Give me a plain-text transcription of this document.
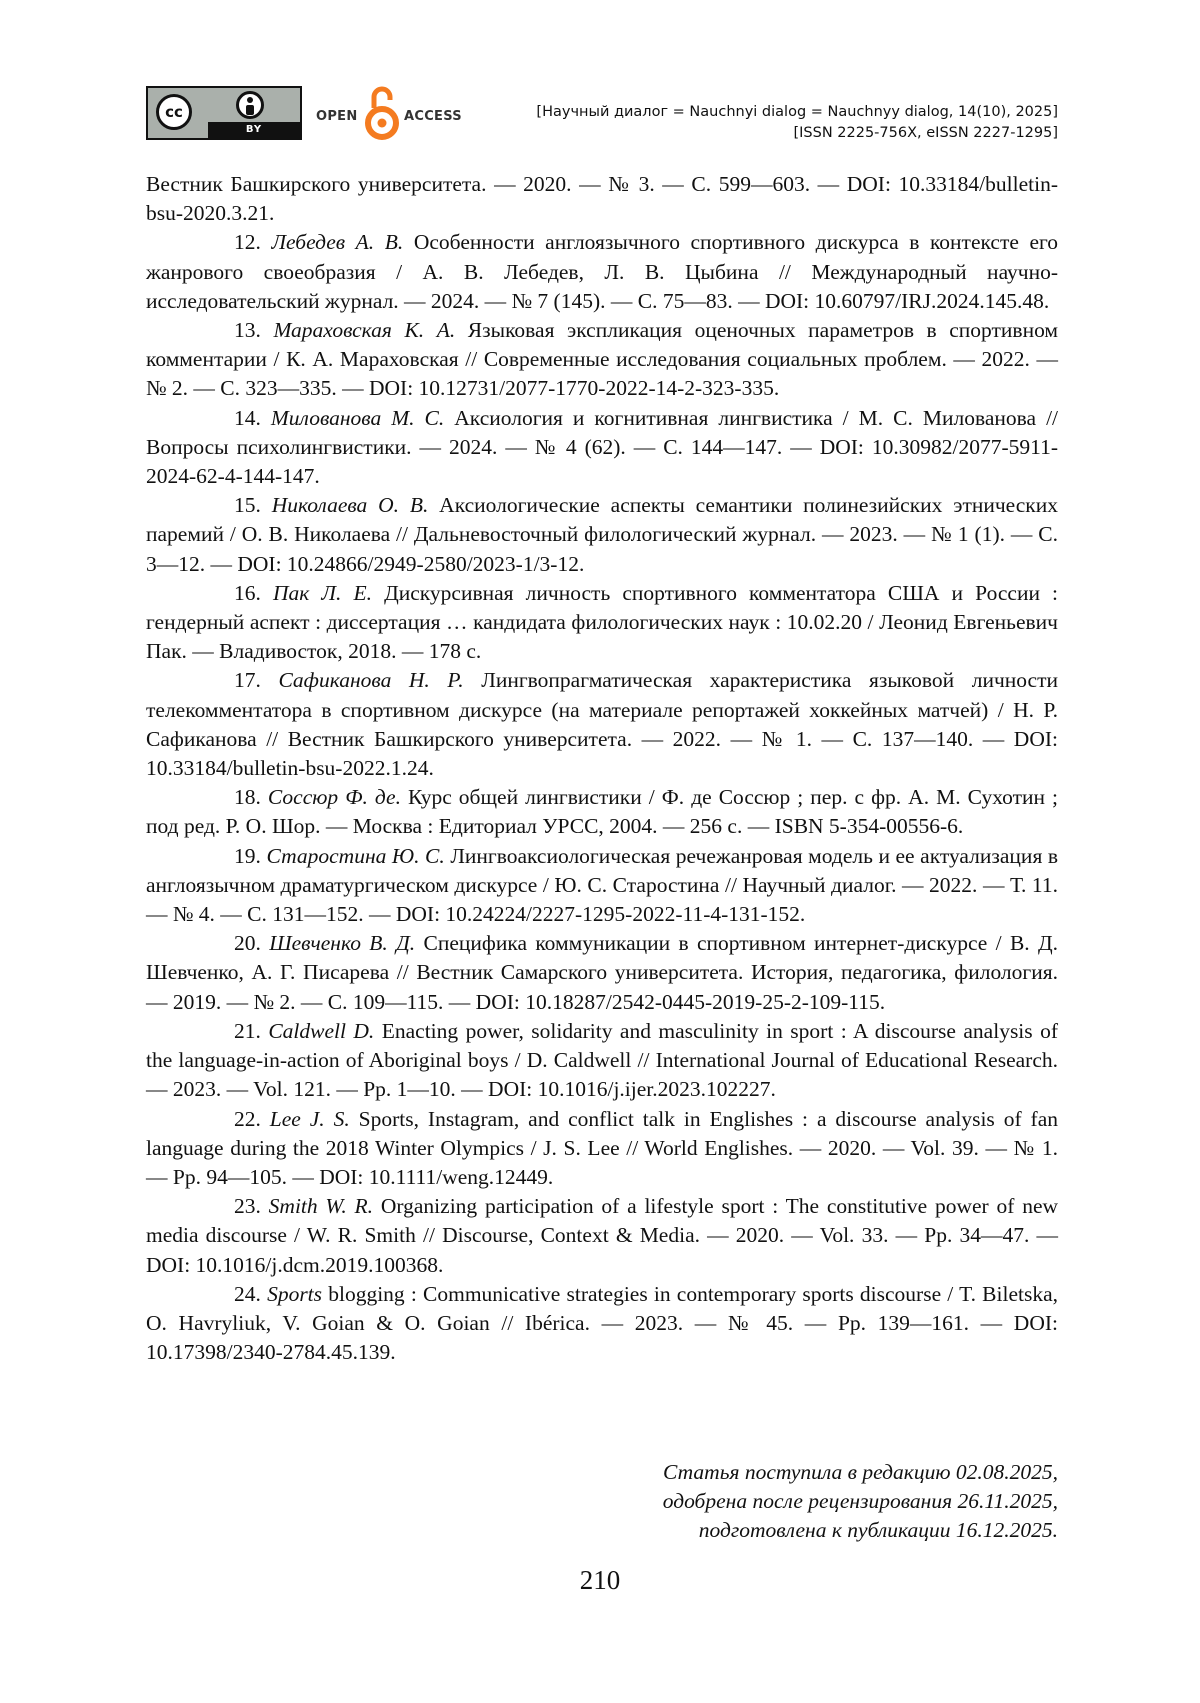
cc
BY
OPEN	ACCESS	[Научный диалог = Nauchnyi dialog = Nauchnyy dialog, 14(10), 2025]
[ISSN 2225-756X, eISSN 2227-1295]

Вестник Башкирского университета. — 2020. — № 3. — С. 599—603. — DOI: 10.33184/bulletin-bsu-2020.3.21.

12. Лебедев А. В. Особенности англоязычного спортивного дискурса в контексте его жанрового своеобразия / А. В. Лебедев, Л. В. Цыбина // Международный научно-исследовательский журнал. — 2024. — № 7 (145). — С. 75—83. — DOI: 10.60797/IRJ.2024.145.48.

13. Мараховская К. А. Языковая экспликация оценочных параметров в спортивном комментарии / К. А. Мараховская // Современные исследования социальных проблем. — 2022. — № 2. — С. 323—335. — DOI: 10.12731/2077-1770-2022-14-2-323-335.

14. Милованова М. С. Аксиология и когнитивная лингвистика / М. С. Милованова // Вопросы психолингвистики. — 2024. — № 4 (62). — С. 144—147. — DOI: 10.30982/2077-5911-2024-62-4-144-147.

15. Николаева О. В. Аксиологические аспекты семантики полинезийских этнических паремий / О. В. Николаева // Дальневосточный филологический журнал. — 2023. — № 1 (1). — С. 3—12. — DOI: 10.24866/2949-2580/2023-1/3-12.

16. Пак Л. Е. Дискурсивная личность спортивного комментатора США и России : гендерный аспект : диссертация … кандидата филологических наук : 10.02.20 / Леонид Евгеньевич Пак. — Владивосток, 2018. — 178 с.

17. Сафиканова Н. Р. Лингвопрагматическая характеристика языковой личности телекомментатора в спортивном дискурсе (на материале репортажей хоккейных матчей) / Н. Р. Сафиканова // Вестник Башкирского университета. — 2022. — № 1. — С. 137—140. — DOI: 10.33184/bulletin-bsu-2022.1.24.

18. Соссюр Ф. де. Курс общей лингвистики / Ф. де Соссюр ; пер. с фр. А. М. Сухотин ; под ред. Р. О. Шор. — Москва : Едиториал УРСС, 2004. — 256 с. — ISBN 5-354-00556-6.

19. Старостина Ю. С. Лингвоаксиологическая речежанровая модель и ее актуализация в англоязычном драматургическом дискурсе / Ю. С. Старостина // Научный диалог. — 2022. — Т. 11. — № 4. — С. 131—152. — DOI: 10.24224/2227-1295-2022-11-4-131-152.

20. Шевченко В. Д. Специфика коммуникации в спортивном интернет-дискурсе / В. Д. Шевченко, А. Г. Писарева // Вестник Самарского университета. История, педагогика, филология. — 2019. — № 2. — С. 109—115. — DOI: 10.18287/2542-0445-2019-25-2-109-115.

21. Caldwell D. Enacting power, solidarity and masculinity in sport : A discourse analysis of the language-in-action of Aboriginal boys / D. Caldwell // International Journal of Educational Research. — 2023. — Vol. 121. — Pp. 1—10. — DOI: 10.1016/j.ijer.2023.102227.

22. Lee J. S. Sports, Instagram, and conflict talk in Englishes : a discourse analysis of fan language during the 2018 Winter Olympics / J. S. Lee // World Englishes. — 2020. — Vol. 39. — № 1. — Pp. 94—105. — DOI: 10.1111/weng.12449.

23. Smith W. R. Organizing participation of a lifestyle sport : The constitutive power of new media discourse / W. R. Smith // Discourse, Context & Media. — 2020. — Vol. 33. — Pp. 34—47. — DOI: 10.1016/j.dcm.2019.100368.

24. Sports blogging : Communicative strategies in contemporary sports discourse / T. Biletska, O. Havryliuk, V. Goian & O. Goian // Ibérica. — 2023. — № 45. — Pp. 139—161. — DOI: 10.17398/2340-2784.45.139.

Статья поступила в редакцию 02.08.2025,
одобрена после рецензирования 26.11.2025,
подготовлена к публикации 16.12.2025.
210
